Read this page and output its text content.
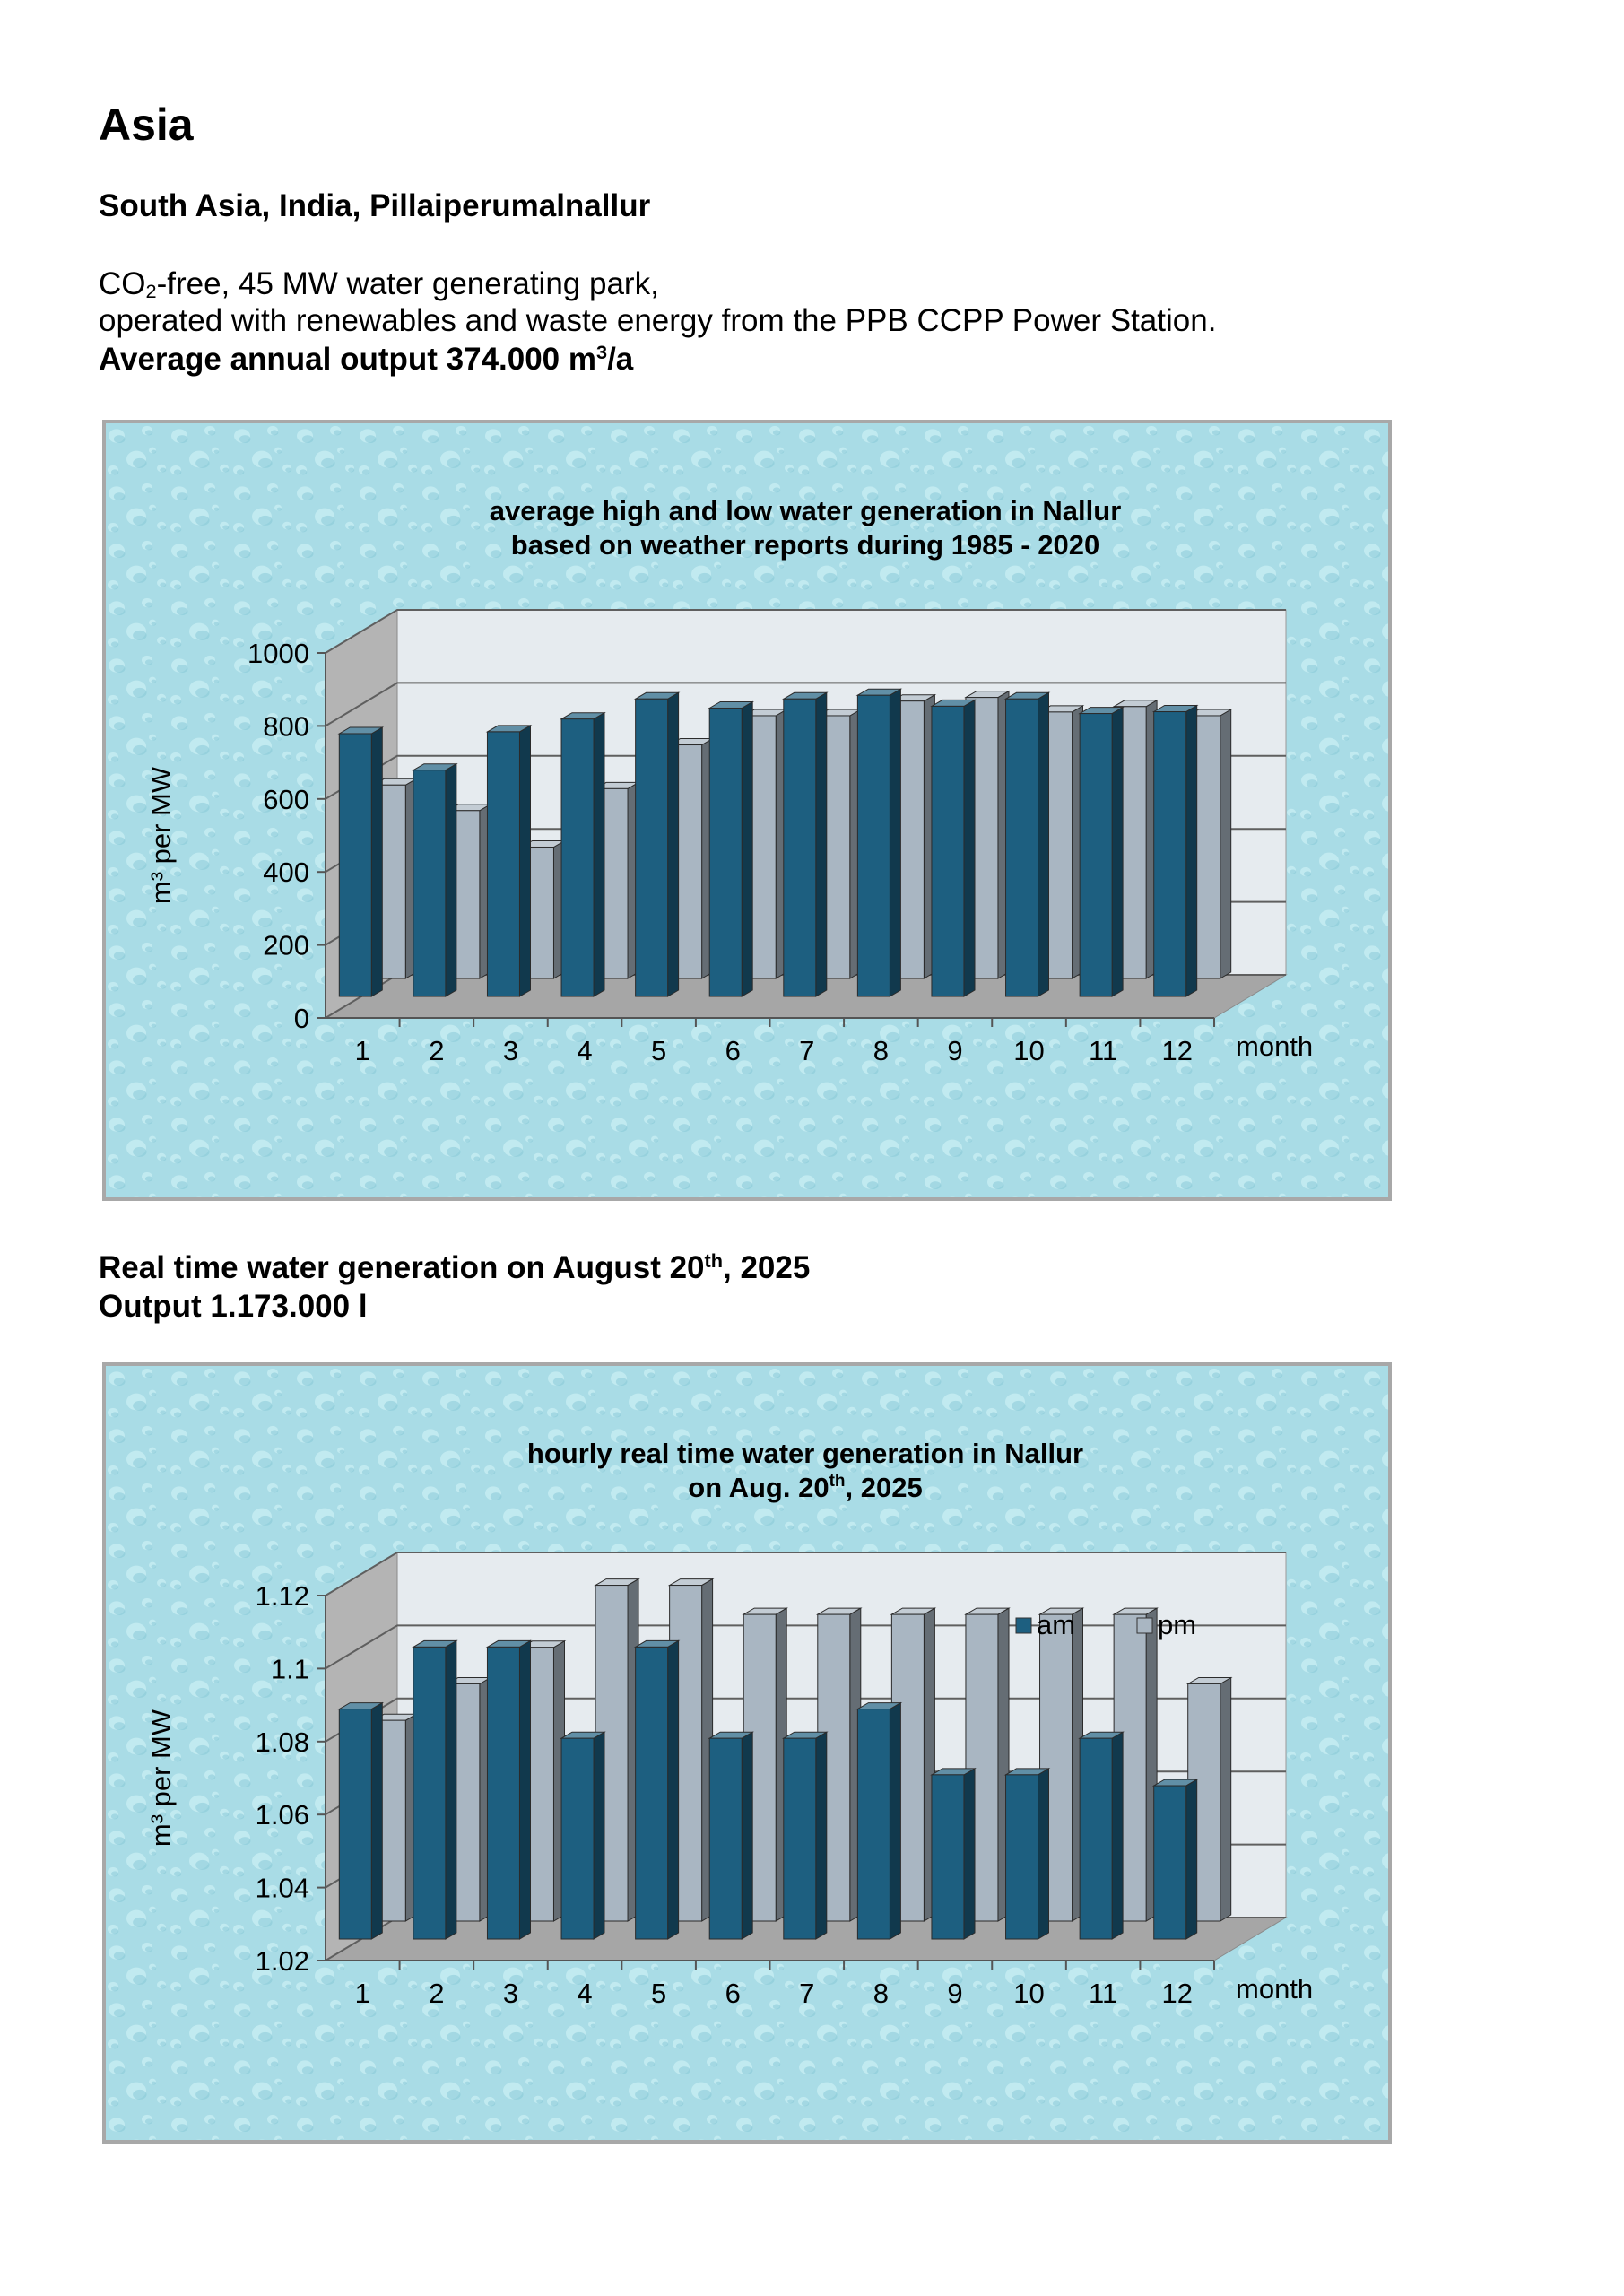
Asia
South Asia, India, Pillaiperumalnallur

$CO_2$-free, 45 MW water generating park,

operated with renewables and waste energy from the PPB CCPP Power Station.

Average annual output 374.000 $m^3/a$

0
200
400
600
800
1000
1 2 3 4 5 6 7 8 9 10 11 12
average high and low water generation in Nallur
based on weather reports during 1985 - 2020
m³ per MW
month

Real time water generation on August 20th, 2025

Output 1.173.000 l

1.02
1.04
1.06
1.08
1.1
1.12
1 2 3 4 5 6 7 8 9 10 11 12
hourly real time water generation in Nallur
on Aug. 20th, 2025
m³ per MW
month
am	pm
